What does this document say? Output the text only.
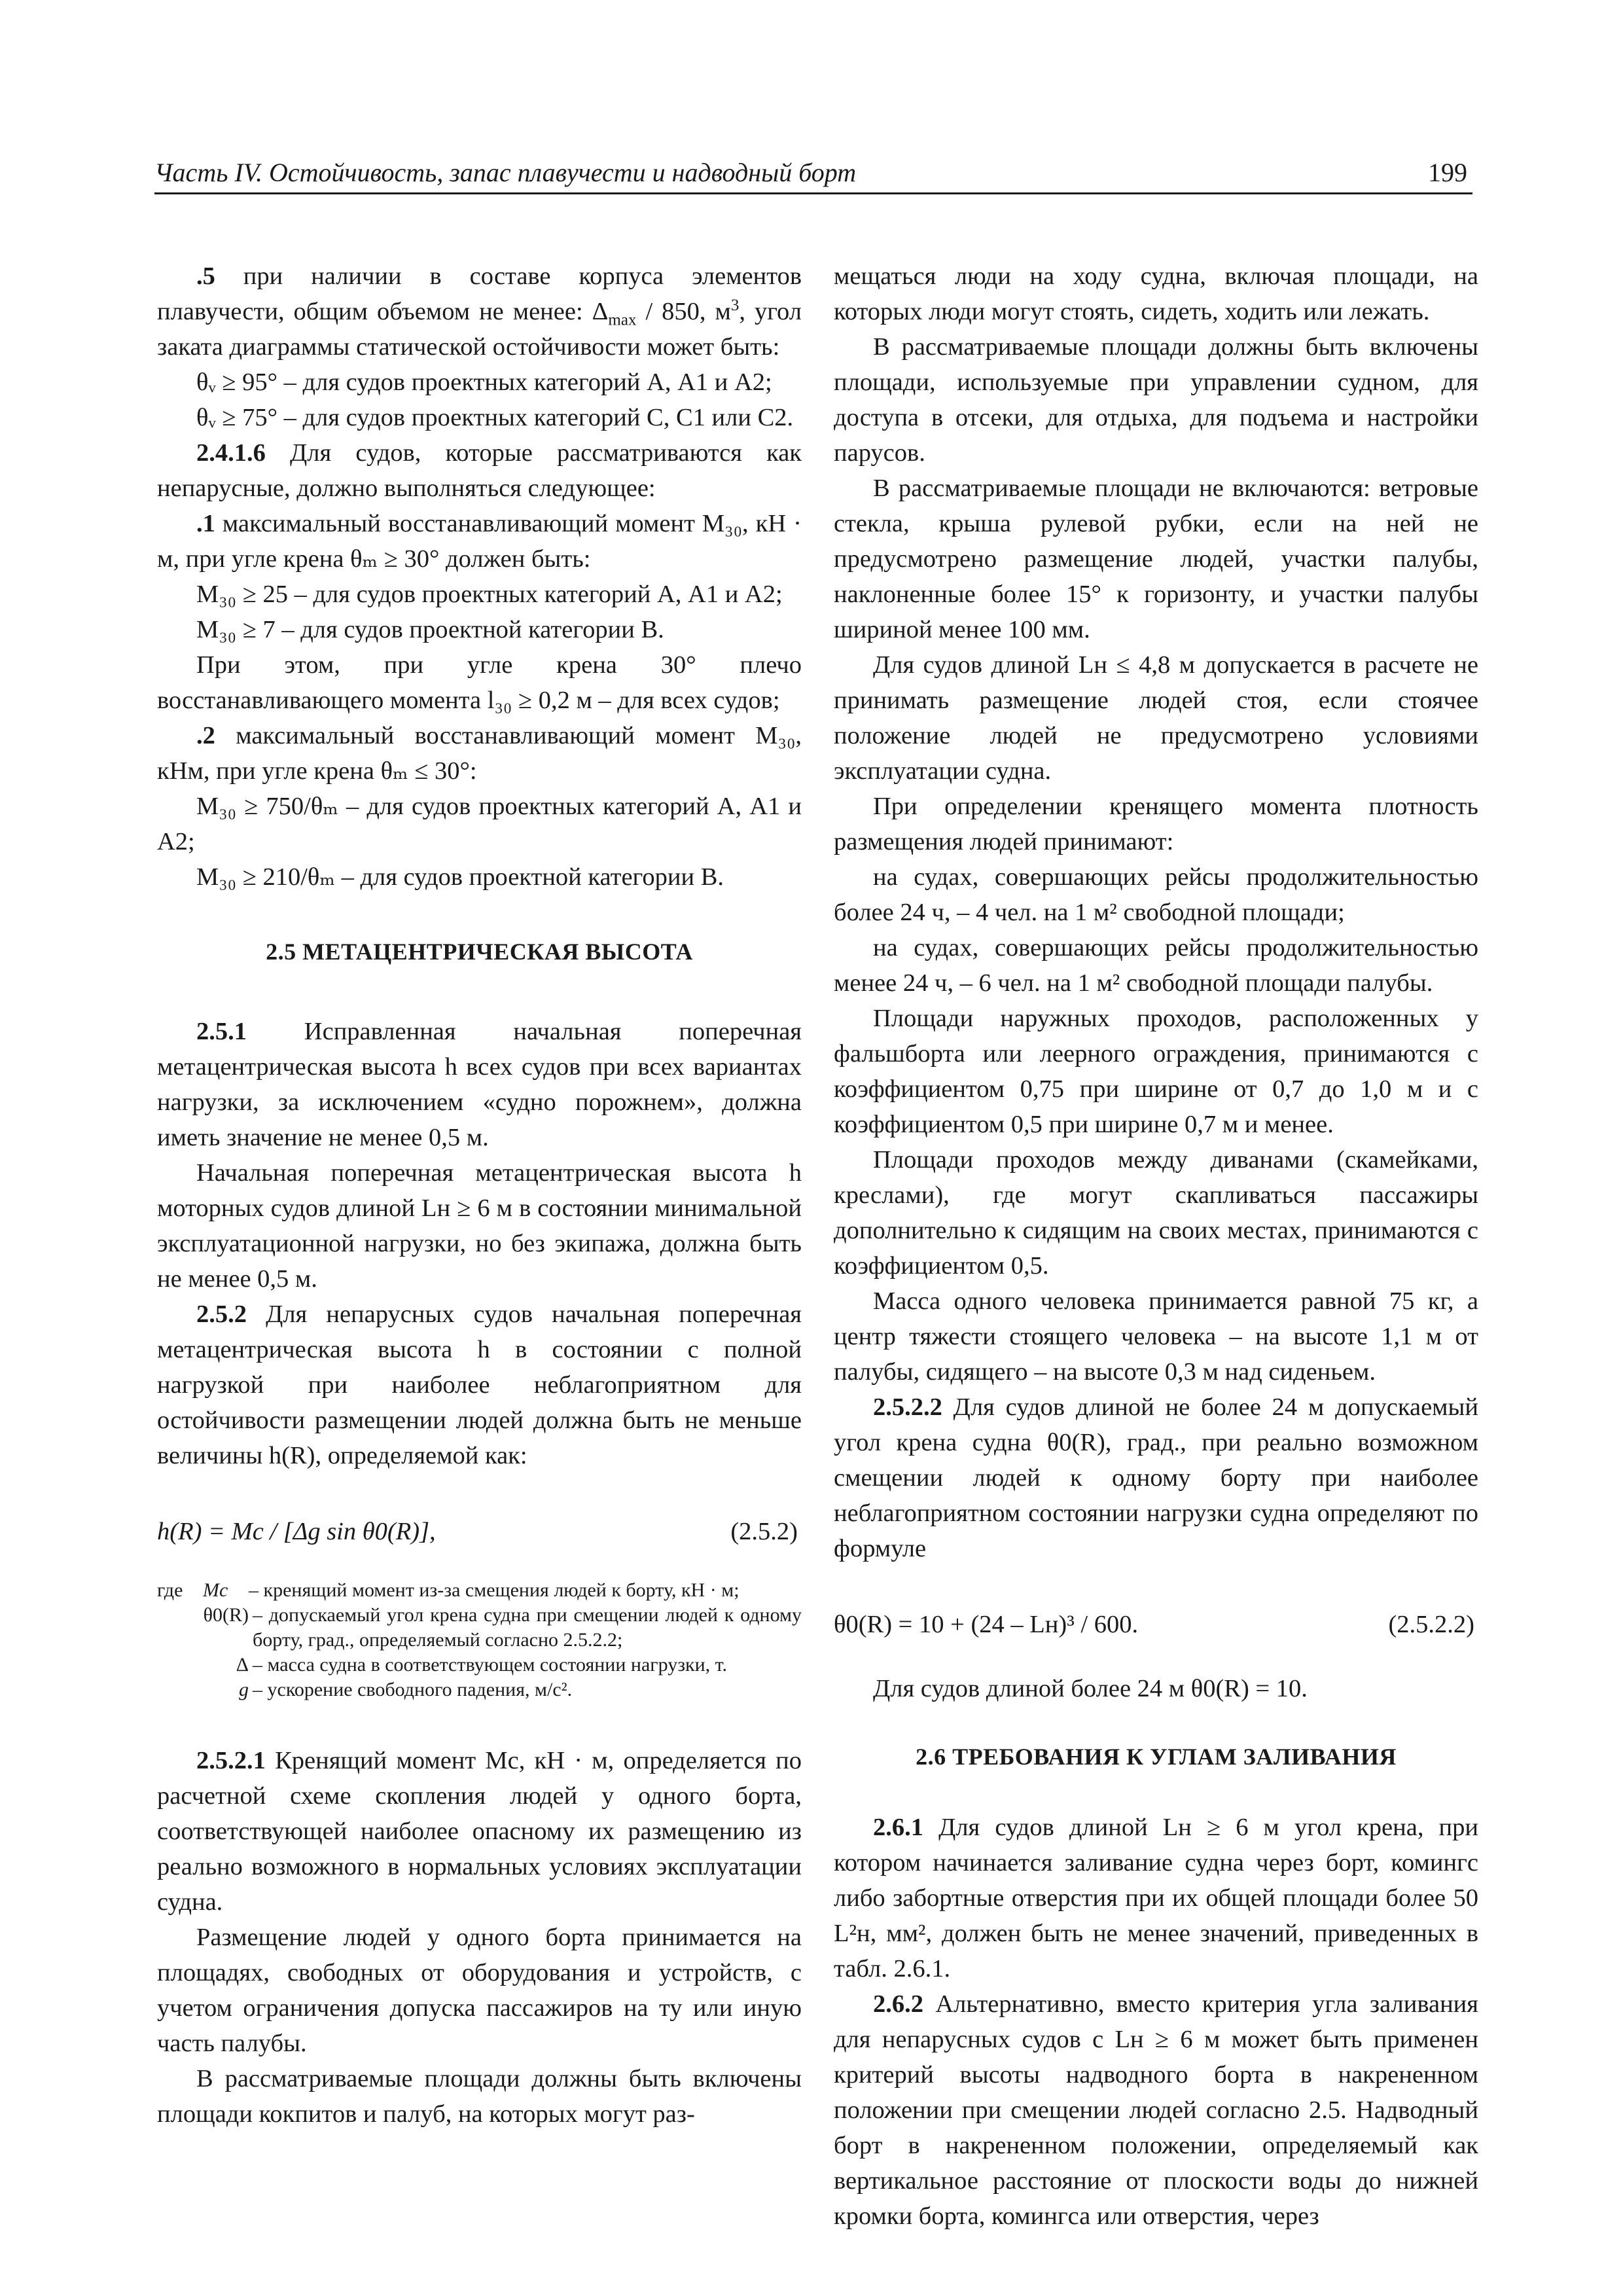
Часть IV. Остойчивость, запас плавучести и надводный борт	199

.5 при наличии в составе корпуса элементов плавучести, общим объемом не менее: $\Delta_{max} / 850$, $м^3$, угол заката диаграммы статической остойчивости может быть:

θᵥ ≥ 95° – для судов проектных категорий А, А1 и А2;

θᵥ ≥ 75° – для судов проектных категорий С, С1 или С2.

2.4.1.6 Для судов, которые рассматриваются как непарусные, должно выполняться следующее:

.1 максимальный восстанавливающий момент M₃₀, кН · м, при угле крена θₘ ≥ 30° должен быть:

M₃₀ ≥ 25 – для судов проектных категорий А, А1 и А2;

M₃₀ ≥ 7 – для судов проектной категории В.

При этом, при угле крена 30° плечо восстанавливающего момента l₃₀ ≥ 0,2 м – для всех судов;

.2 максимальный восстанавливающий момент M₃₀, кНм, при угле крена θₘ ≤ 30°:

M₃₀ ≥ 750/θₘ – для судов проектных категорий А, А1 и А2;

M₃₀ ≥ 210/θₘ – для судов проектной категории В.

2.5 МЕТАЦЕНТРИЧЕСКАЯ ВЫСОТА

2.5.1 Исправленная начальная поперечная метацентрическая высота h всех судов при всех вариантах нагрузки, за исключением «судно порожнем», должна иметь значение не менее 0,5 м.

Начальная поперечная метацентрическая высота h моторных судов длиной Lн ≥ 6 м в состоянии минимальной эксплуатационной нагрузки, но без экипажа, должна быть не менее 0,5 м.

2.5.2 Для непарусных судов начальная поперечная метацентрическая высота h в состоянии с полной нагрузкой при наиболее неблагоприятном для остойчивости размещении людей должна быть не меньше величины h(R), определяемой как:

h(R) = Mc / [Δg sin θ0(R)],	(2.5.2)

где	Mc	– кренящий момент из-за смещения людей к борту, кН · м;
θ0(R) – допускаемый угол крена судна при смещении людей к одному борту, град., определяемый согласно 2.5.2.2;
Δ – масса судна в соответствующем состоянии нагрузки, т.
g – ускорение свободного падения, м/с².

2.5.2.1 Кренящий момент Mc, кН · м, определяется по расчетной схеме скопления людей у одного борта, соответствующей наиболее опасному их размещению из реально возможного в нормальных условиях эксплуатации судна.

Размещение людей у одного борта принимается на площадях, свободных от оборудования и устройств, с учетом ограничения допуска пассажиров на ту или иную часть палубы.

В рассматриваемые площади должны быть включены площади кокпитов и палуб, на которых могут раз-

мещаться люди на ходу судна, включая площади, на которых люди могут стоять, сидеть, ходить или лежать.

В рассматриваемые площади должны быть включены площади, используемые при управлении судном, для доступа в отсеки, для отдыха, для подъема и настройки парусов.

В рассматриваемые площади не включаются: ветровые стекла, крыша рулевой рубки, если на ней не предусмотрено размещение людей, участки палубы, наклоненные более 15° к горизонту, и участки палубы шириной менее 100 мм.

Для судов длиной Lн ≤ 4,8 м допускается в расчете не принимать размещение людей стоя, если стоячее положение людей не предусмотрено условиями эксплуатации судна.

При определении кренящего момента плотность размещения людей принимают:

на судах, совершающих рейсы продолжительностью более 24 ч, – 4 чел. на 1 м² свободной площади;

на судах, совершающих рейсы продолжительностью менее 24 ч, – 6 чел. на 1 м² свободной площади палубы.

Площади наружных проходов, расположенных у фальшборта или леерного ограждения, принимаются с коэффициентом 0,75 при ширине от 0,7 до 1,0 м и с коэффициентом 0,5 при ширине 0,7 м и менее.

Площади проходов между диванами (скамейками, креслами), где могут скапливаться пассажиры дополнительно к сидящим на своих местах, принимаются с коэффициентом 0,5.

Масса одного человека принимается равной 75 кг, а центр тяжести стоящего человека – на высоте 1,1 м от палубы, сидящего – на высоте 0,3 м над сиденьем.

2.5.2.2 Для судов длиной не более 24 м допускаемый угол крена судна θ0(R), град., при реально возможном смещении людей к одному борту при наиболее неблагоприятном состоянии нагрузки судна определяют по формуле

θ0(R) = 10 + (24 – Lн)³ / 600.	(2.5.2.2)

Для судов длиной более 24 м θ0(R) = 10.

2.6 ТРЕБОВАНИЯ К УГЛАМ ЗАЛИВАНИЯ

2.6.1 Для судов длиной Lн ≥ 6 м угол крена, при котором начинается заливание судна через борт, комингс либо забортные отверстия при их общей площади более 50 L²н, мм², должен быть не менее значений, приведенных в табл. 2.6.1.

2.6.2 Альтернативно, вместо критерия угла заливания для непарусных судов с Lн ≥ 6 м может быть применен критерий высоты надводного борта в накрененном положении при смещении людей согласно 2.5. Надводный борт в накрененном положении, определяемый как вертикальное расстояние от плоскости воды до нижней кромки борта, комингса или отверстия, через
